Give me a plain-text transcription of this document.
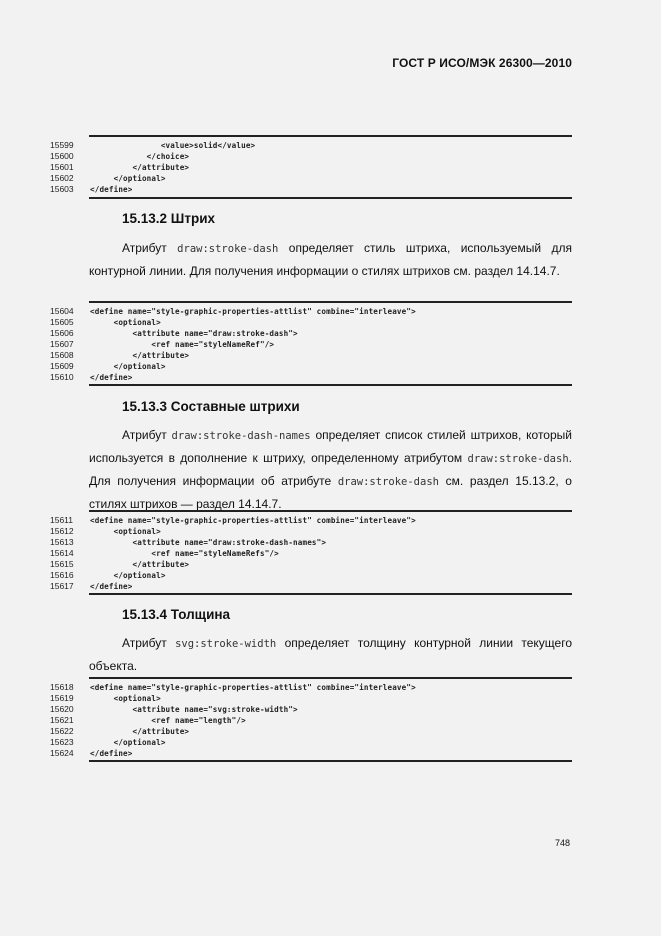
ГОСТ Р ИСО/МЭК 26300—2010
15599	<value>solid</value>
15600	</choice>
15601	</attribute>
15602	</optional>
15603	</define>
15.13.2 Штрих
Атрибут draw:stroke-dash определяет стиль штриха, используемый для контурной линии. Для получения информации о стилях штрихов см. раздел 14.14.7.
15604	<define name="style-graphic-properties-attlist" combine="interleave">
15605	<optional>
15606	<attribute name="draw:stroke-dash">
15607	<ref name="styleNameRef"/>
15608	</attribute>
15609	</optional>
15610	</define>
15.13.3 Составные штрихи
Атрибут draw:stroke-dash-names определяет список стилей штрихов, который используется в дополнение к штриху, определенному атрибутом draw:stroke-dash. Для получения информации об атрибуте draw:stroke-dash см. раздел 15.13.2, о стилях штрихов — раздел 14.14.7.
15611	<define name="style-graphic-properties-attlist" combine="interleave">
15612	<optional>
15613	<attribute name="draw:stroke-dash-names">
15614	<ref name="styleNameRefs"/>
15615	</attribute>
15616	</optional>
15617	</define>
15.13.4 Толщина
Атрибут svg:stroke-width определяет толщину контурной линии текущего объекта.
15618	<define name="style-graphic-properties-attlist" combine="interleave">
15619	<optional>
15620	<attribute name="svg:stroke-width">
15621	<ref name="length"/>
15622	</attribute>
15623	</optional>
15624	</define>
748
